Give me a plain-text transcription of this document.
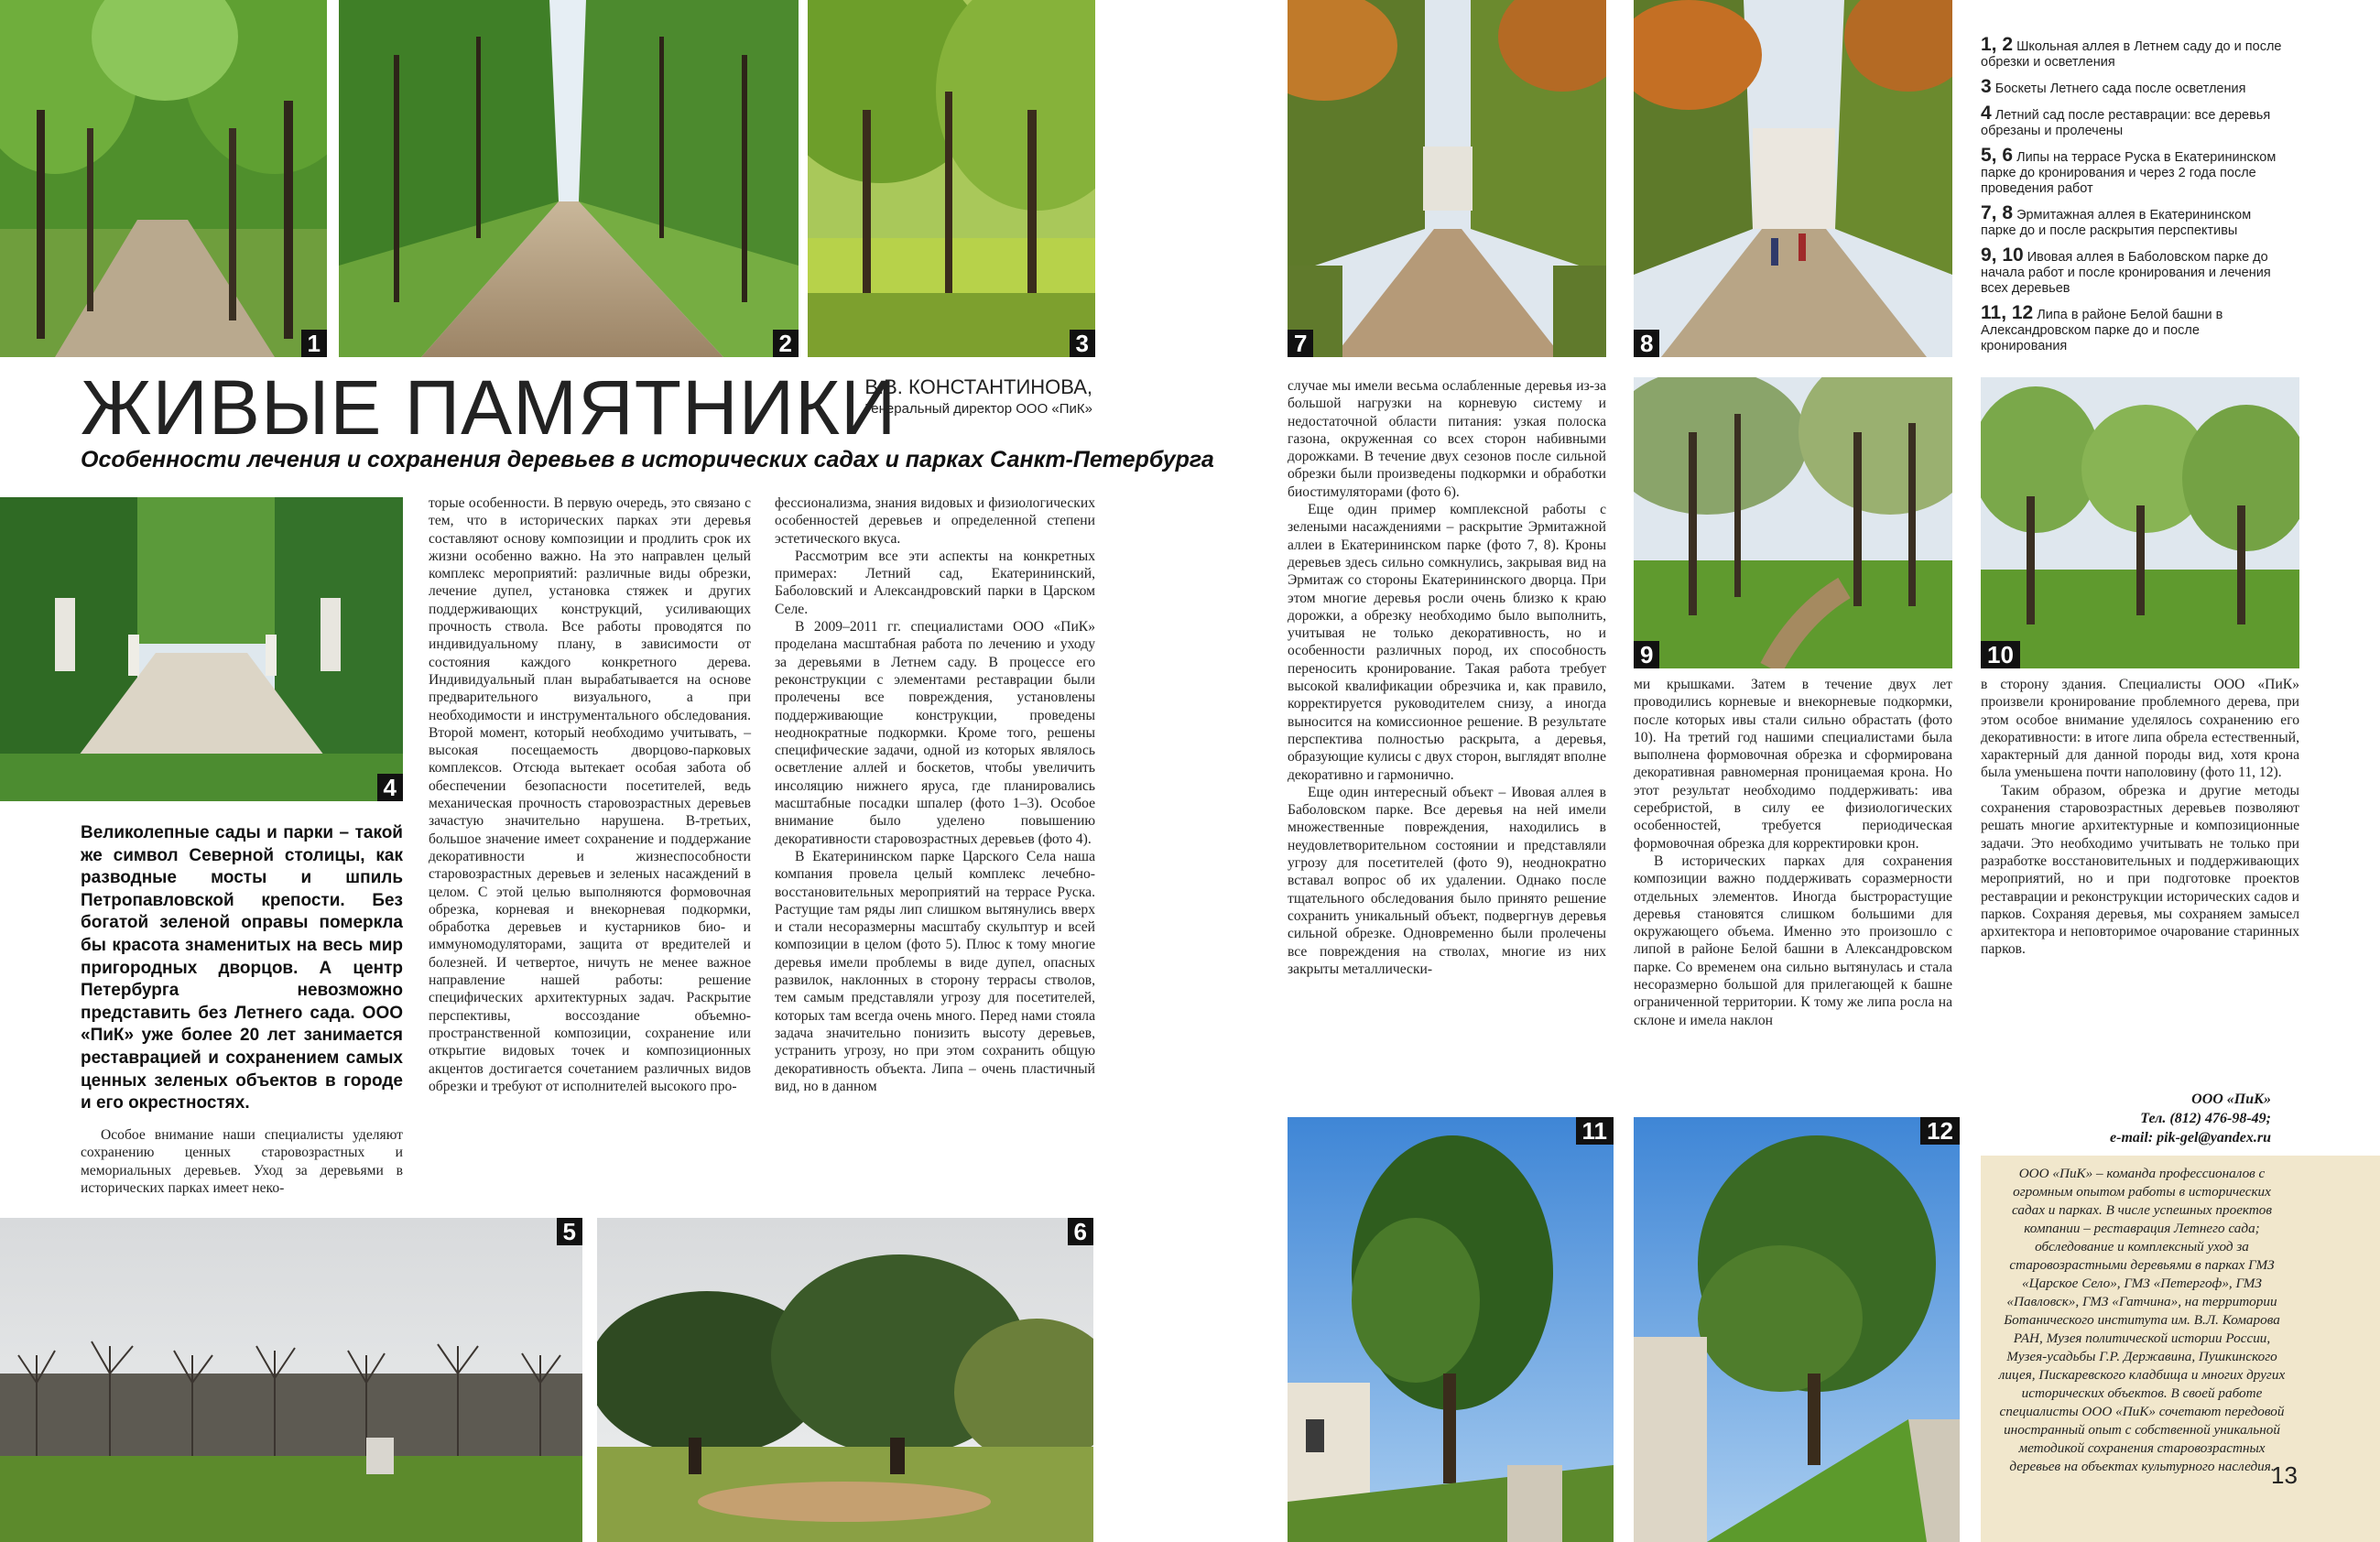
1	2	3
4
5	6
7	8
9	10
11	12
ЖИВЫЕ ПАМЯТНИКИ
В.В. КОНСТАНТИНОВА,
Генеральный директор ООО «ПиК»
Особенности лечения и сохранения деревьев в исторических садах и парках Санкт-Петербурга
Великолепные сады и парки – такой же символ Северной столицы, как разводные мосты и шпиль Петропавловской крепости. Без богатой зеленой оправы померкла бы красота знаменитых на весь мир пригородных дворцов. А центр Петербурга невозможно представить без Летнего сада. ООО «ПиК» уже более 20 лет занимается реставрацией и сохранением самых ценных зеленых объектов в городе и его окрестностях.

Особое внимание наши специалисты уделяют сохранению ценных старовозрастных и мемориальных деревьев. Уход за деревьями в исторических парках имеет неко-

торые особенности. В первую очередь, это связано с тем, что в исторических парках эти деревья составляют основу композиции и продлить срок их жизни особенно важно. На это направлен целый комплекс мероприятий: различные виды обрезки, лечение дупел, установка стяжек и других поддерживающих конструкций, усиливающих прочность ствола. Все работы проводятся по индивидуальному плану, в зависимости от состояния каждого конкретного дерева. Индивидуальный план вырабатывается на основе предварительного визуального, а при необходимости и инструментального обследования. Второй момент, который необходимо учитывать, – высокая посещаемость дворцово-парковых комплексов. Отсюда вытекает особая забота об обеспечении безопасности посетителей, ведь механическая прочность старовозрастных деревьев зачастую значительно нарушена. В-третьих, большое значение имеет сохранение и поддержание декоративности и жизнеспособности старовозрастных деревьев и зеленых насаждений в целом. С этой целью выполняются формовочная обрезка, корневая и внекорневая подкормки, обработка деревьев и кустарников био- и иммуномодуляторами, защита от вредителей и болезней. И четвертое, ничуть не менее важное направление нашей работы: решение специфических архитектурных задач. Раскрытие перспективы, воссоздание объемно-пространственной композиции, сохранение или открытие видовых точек и композиционных акцентов достигается сочетанием различных видов обрезки и требуют от исполнителей высокого про-

фессионализма, знания видовых и физиологических особенностей деревьев и определенной степени эстетического вкуса.

Рассмотрим все эти аспекты на конкретных примерах: Летний сад, Екатерининский, Баболовский и Александровский парки в Царском Селе.

В 2009–2011 гг. специалистами ООО «ПиК» проделана масштабная работа по лечению и уходу за деревьями в Летнем саду. В процессе его реконструкции с элементами реставрации были пролечены все повреждения, установлены поддерживающие конструкции, проведены неоднократные подкормки. Кроме того, решены специфические задачи, одной из которых являлось осветление аллей и боскетов, чтобы увеличить инсоляцию нижнего яруса, где планировались масштабные посадки шпалер (фото 1–3). Особое внимание было уделено повышению декоративности старовозрастных деревьев (фото 4).

В Екатерининском парке Царского Села наша компания провела целый комплекс лечебно-восстановительных мероприятий на террасе Руска. Растущие там ряды лип слишком вытянулись вверх и стали несоразмерны масштабу скульптур и всей композиции в целом (фото 5). Плюс к тому многие деревья имели проблемы в виде дупел, опасных развилок, наклонных в сторону террасы стволов, тем самым представляли угрозу для посетителей, которых там всегда очень много. Перед нами стояла задача значительно понизить высоту деревьев, устранить угрозу, но при этом сохранить общую декоративность объекта. Липа – очень пластичный вид, но в данном

случае мы имели весьма ослабленные деревья из-за большой нагрузки на корневую систему и недостаточной области питания: узкая полоска газона, окруженная со всех сторон набивными дорожками. В течение двух сезонов после сильной обрезки были произведены подкормки и обработки биостимуляторами (фото 6).

Еще один пример комплексной работы с зелеными насаждениями – раскрытие Эрмитажной аллеи в Екатерининском парке (фото 7, 8). Кроны деревьев здесь сильно сомкнулись, закрывая вид на Эрмитаж со стороны Екатерининского дворца. При этом многие деревья росли очень близко к краю дорожки, а обрезку необходимо было выполнить, учитывая не только декоративность, но и особенности различных пород, их способность переносить кронирование. Такая работа требует высокой квалификации обрезчика и, как правило, корректируется руководителем снизу, а иногда выносится на комиссионное решение. В результате перспектива полностью раскрыта, а деревья, образующие кулисы с двух сторон, выглядят вполне декоративно и гармонично.

Еще один интересный объект – Ивовая аллея в Баболовском парке. Все деревья на ней имели множественные повреждения, находились в неудовлетворительном состоянии и представляли угрозу для посетителей (фото 9), неоднократно вставал вопрос об их удалении. Однако после тщательного обследования было принято решение сохранить уникальный объект, подвергнув деревья сильной обрезке. Одновременно были пролечены все повреждения на стволах, многие из них закрыты металлически-

ми крышками. Затем в течение двух лет проводились корневые и внекорневые подкормки, после которых ивы стали сильно обрастать (фото 10). На третий год нашими специалистами была выполнена формовочная обрезка и сформирована декоративная равномерная проницаемая крона. Но этот результат необходимо поддерживать: ива серебристой, в силу ее физиологических особенностей, требуется периодическая формовочная обрезка для корректировки крон.

В исторических парках для сохранения композиции важно поддерживать соразмерности отдельных элементов. Иногда быстрорастущие деревья становятся слишком большими для окружающего объема. Именно это произошло с липой в районе Белой башни в Александровском парке. Со временем она сильно вытянулась и стала несоразмерно большой для прилегающей к башне ограниченной территории. К тому же липа росла на склоне и имела наклон

в сторону здания. Специалисты ООО «ПиК» произвели кронирование проблемного дерева, при этом особое внимание уделялось сохранению его декоративности: в итоге липа обрела естественный, характерный для данной породы вид, хотя крона была уменьшена почти наполовину (фото 11, 12).

Таким образом, обрезка и другие методы сохранения старовозрастных деревьев позволяют решать многие архитектурные и композиционные задачи. Это необходимо учитывать не только при разработке восстановительных и поддерживающих мероприятий, но и при подготовке проектов реставрации и реконструкции исторических садов и парков. Сохраняя деревья, мы сохраняем замысел архитектора и неповторимое очарование старинных парков.

1, 2 Школьная аллея в Летнем саду до и после обрезки и осветления
3 Боскеты Летнего сада после осветления
4 Летний сад после реставрации: все деревья обрезаны и пролечены
5, 6 Липы на террасе Руска в Екатерининском парке до кронирования и через 2 года после проведения работ
7, 8 Эрмитажная аллея в Екатерининском парке до и после раскрытия перспективы
9, 10 Ивовая аллея в Баболовском парке до начала работ и после кронирования и лечения всех деревьев
11, 12 Липа в районе Белой башни в Александровском парке до и после кронирования
ООО «ПиК»
Тел. (812) 476-98-49;
e-mail: pik-gel@yandex.ru
ООО «ПиК» – команда профессионалов с огромным опытом работы в исторических садах и парках. В числе успешных проектов компании – реставрация Летнего сада; обследование и комплексный уход за старовозрастными деревьями в парках ГМЗ «Царское Село», ГМЗ «Петергоф», ГМЗ «Павловск», ГМЗ «Гатчина», на территории Ботанического института им. В.Л. Комарова РАН, Музея политической истории России, Музея-усадьбы Г.Р. Державина, Пушкинского лицея, Пискаревского кладбища и многих других исторических объектов. В своей работе специалисты ООО «ПиК» сочетают передовой иностранный опыт с собственной уникальной методикой сохранения старовозрастных деревьев на объектах культурного наследия.
13
